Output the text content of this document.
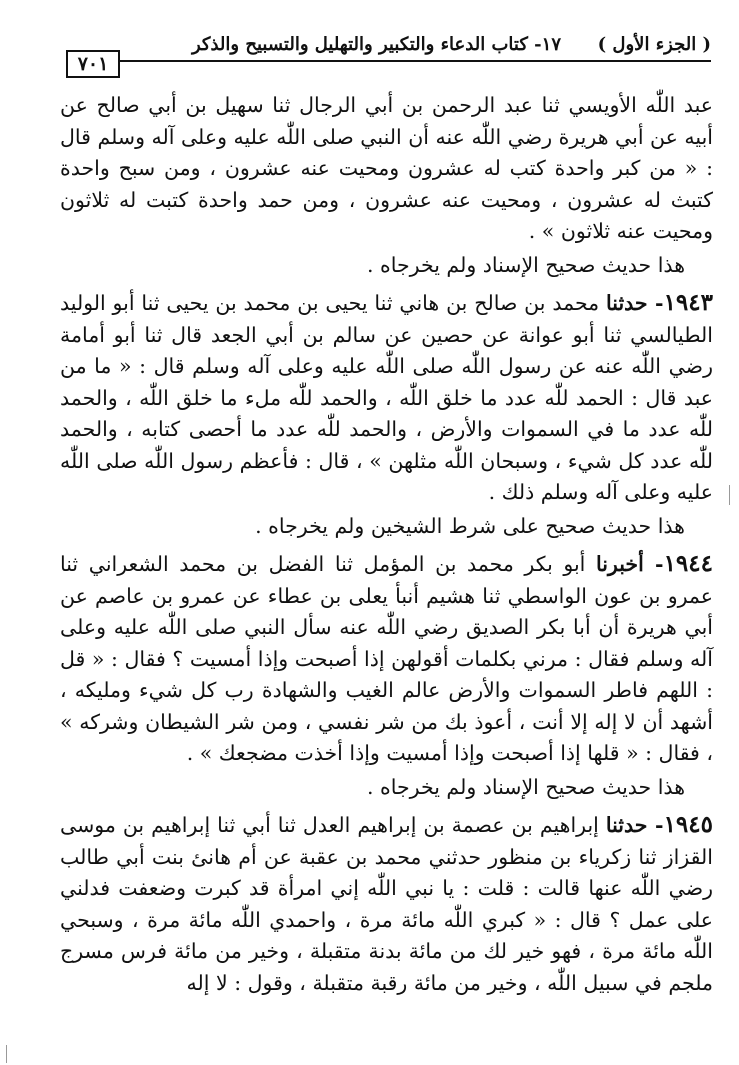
( الجزء الأول )
١٧- كتاب الدعاء والتكبير والتهليل والتسبيح والذكر
٧٠١

عبد اللّٰه الأويسي ثنا عبد الرحمن بن أبي الرجال ثنا سهيل بن أبي صالح عن أبيه عن أبي هريرة رضي اللّٰه عنه أن النبي صلى اللّٰه عليه وعلى آله وسلم قال : « من كبر واحدة كتب له عشرون ومحيت عنه عشرون ، ومن سبح واحدة كتبث له عشرون ، ومحيت عنه عشرون ، ومن حمد واحدة كتبت له ثلاثون ومحيت عنه ثلاثون » .

هذا حديث صحيح الإسناد ولم يخرجاه .

١٩٤٣- حدثنا محمد بن صالح بن هاني ثنا يحيى بن محمد بن يحيى ثنا أبو الوليد الطيالسي ثنا أبو عوانة عن حصين عن سالم بن أبي الجعد قال ثنا أبو أمامة رضي اللّٰه عنه عن رسول اللّٰه صلى اللّٰه عليه وعلى آله وسلم قال : « ما من عبد قال : الحمد للّٰه عدد ما خلق اللّٰه ، والحمد للّٰه ملء ما خلق اللّٰه ، والحمد للّٰه عدد ما في السموات والأرض ، والحمد للّٰه عدد ما أحصى كتابه ، والحمد للّٰه عدد كل شيء ، وسبحان اللّٰه مثلهن » ، قال : فأعظم رسول اللّٰه صلى اللّٰه عليه وعلى آله وسلم ذلك .

هذا حديث صحيح على شرط الشيخين ولم يخرجاه .

١٩٤٤- أخبرنا أبو بكر محمد بن المؤمل ثنا الفضل بن محمد الشعراني ثنا عمرو بن عون الواسطي ثنا هشيم أنبأ يعلى بن عطاء عن عمرو بن عاصم عن أبي هريرة أن أبا بكر الصديق رضي اللّٰه عنه سأل النبي صلى اللّٰه عليه وعلى آله وسلم فقال : مرني بكلمات أقولهن إذا أصبحت وإذا أمسيت ؟ فقال : « قل : اللهم فاطر السموات والأرض عالم الغيب والشهادة رب كل شيء ومليكه ، أشهد أن لا إله إلا أنت ، أعوذ بك من شر نفسي ، ومن شر الشيطان وشركه » ، فقال : « قلها إذا أصبحت وإذا أمسيت وإذا أخذت مضجعك » .

هذا حديث صحيح الإسناد ولم يخرجاه .

١٩٤٥- حدثنا إبراهيم بن عصمة بن إبراهيم العدل ثنا أبي ثنا إبراهيم بن موسى القزاز ثنا زكرياء بن منظور حدثني محمد بن عقبة عن أم هانئ بنت أبي طالب رضي اللّٰه عنها قالت : قلت : يا نبي اللّٰه إني امرأة قد كبرت وضعفت فدلني على عمل ؟ قال : « كبري اللّٰه مائة مرة ، واحمدي اللّٰه مائة مرة ، وسبحي اللّٰه مائة مرة ، فهو خير لك من مائة بدنة متقبلة ، وخير من مائة فرس مسرج ملجم في سبيل اللّٰه ، وخير من مائة رقبة متقبلة ، وقول : لا إله
